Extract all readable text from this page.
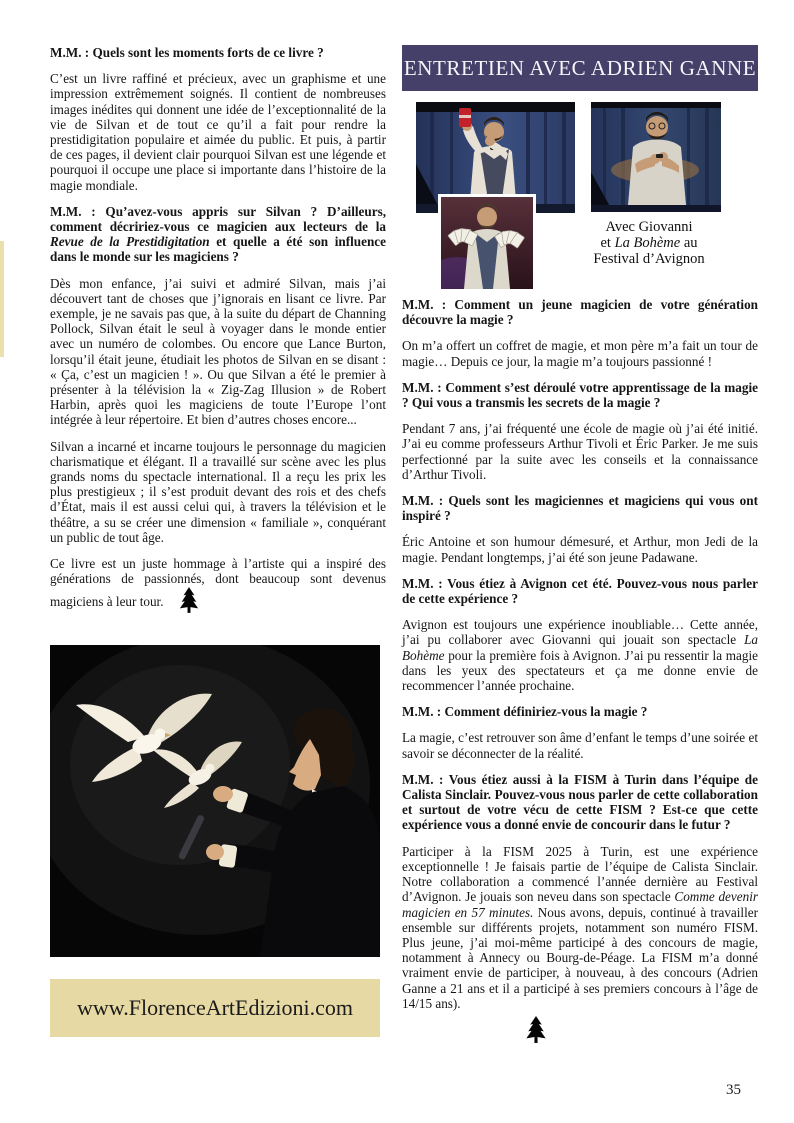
M.M. : Quels sont les moments forts de ce livre ?

C’est un livre raffiné et précieux, avec un graphisme et une impression extrêmement soignés. Il contient de nombreuses images inédites qui donnent une idée de l’exceptionnalité de la vie de Silvan et de tout ce qu’il a fait pour rendre la prestidigitation populaire et aimée du public. Et puis, à partir de ces pages, il devient clair pourquoi Silvan est une légende et pourquoi il occupe une place si importante dans l’histoire de la magie mondiale.

M.M. : Qu’avez-vous appris sur Silvan ? D’ailleurs, comment décririez-vous ce magicien aux lecteurs de la Revue de la Prestidigitation et quelle a été son influence dans le monde sur les magiciens ?

Dès mon enfance, j’ai suivi et admiré Silvan, mais j’ai découvert tant de choses que j’ignorais en lisant ce livre. Par exemple, je ne savais pas que, à la suite du départ de Channing Pollock, Silvan était le seul à voyager dans le monde entier avec un numéro de colombes. Ou encore que Lance Burton, lorsqu’il était jeune, étudiait les photos de Silvan en se disant : « Ça, c’est un magicien ! ». Ou que Silvan a été le premier à présenter à la télévision la « Zig-Zag Illusion » de Robert Harbin, après quoi les magiciens de toute l’Europe l’ont intégrée à leur répertoire. Et bien d’autres choses encore...

Silvan a incarné et incarne toujours le personnage du magicien charismatique et élégant. Il a travaillé sur scène avec les plus grands noms du spectacle international. Il a reçu les prix les plus prestigieux ; il s’est produit devant des rois et des chefs d’État, mais il est aussi celui qui, à travers la télévision et le théâtre, a su se créer une dimension « familiale », conquérant un public de tout âge.

Ce livre est un juste hommage à l’artiste qui a inspiré des générations de passionnés, dont beaucoup sont devenus magiciens à leur tour.

www.FlorenceArtEdizioni.com
ENTRETIEN AVEC ADRIEN GANNE
Avec Giovanni
et La Bohème au
Festival d’Avignon

M.M. : Comment un jeune magicien de votre génération découvre la magie ?

On m’a offert un coffret de magie, et mon père m’a fait un tour de magie… Depuis ce jour, la magie m’a toujours passionné !

M.M. : Comment s’est déroulé votre apprentissage de la magie ? Qui vous a transmis les secrets de la magie ?

Pendant 7 ans, j’ai fréquenté une école de magie où j’ai été initié. J’ai eu comme professeurs Arthur Tivoli et Éric Parker. Je me suis perfectionné par la suite avec les conseils et la connaissance d’Arthur Tivoli.

M.M. : Quels sont les magiciennes et magiciens qui vous ont inspiré ?

Éric Antoine et son humour démesuré, et Arthur, mon Jedi de la magie. Pendant longtemps, j’ai été son jeune Padawane.

M.M. : Vous étiez à Avignon cet été. Pouvez-vous nous parler de cette expérience ?

Avignon est toujours une expérience inoubliable… Cette année, j’ai pu collaborer avec Giovanni qui jouait son spectacle La Bohème pour la première fois à Avignon. J’ai pu ressentir la magie dans les yeux des spectateurs et ça me donne envie de recommencer l’année prochaine.

M.M. : Comment définiriez-vous la magie ?

La magie, c’est retrouver son âme d’enfant le temps d’une soirée et savoir se déconnecter de la réalité.

M.M. : Vous étiez aussi à la FISM à Turin dans l’équipe de Calista Sinclair. Pouvez-vous nous parler de cette collaboration et surtout de votre vécu de cette FISM ? Est-ce que cette expérience vous a donné envie de concourir dans le futur ?

Participer à la FISM 2025 à Turin, est une expérience exceptionnelle ! Je faisais partie de l’équipe de Calista Sinclair. Notre collaboration a commencé l’année dernière au Festival d’Avignon. Je jouais son neveu dans son spectacle Comme devenir magicien en 57 minutes. Nous avons, depuis, continué à travailler ensemble sur différents projets, notamment son numéro FISM. Plus jeune, j’ai moi-même participé à des concours de magie, notamment à Annecy ou Bourg-de-Péage. La FISM m’a donné vraiment envie de participer, à nouveau, à des concours (Adrien Ganne a 21 ans et il a participé à ses premiers concours à l’âge de 14/15 ans).

35
